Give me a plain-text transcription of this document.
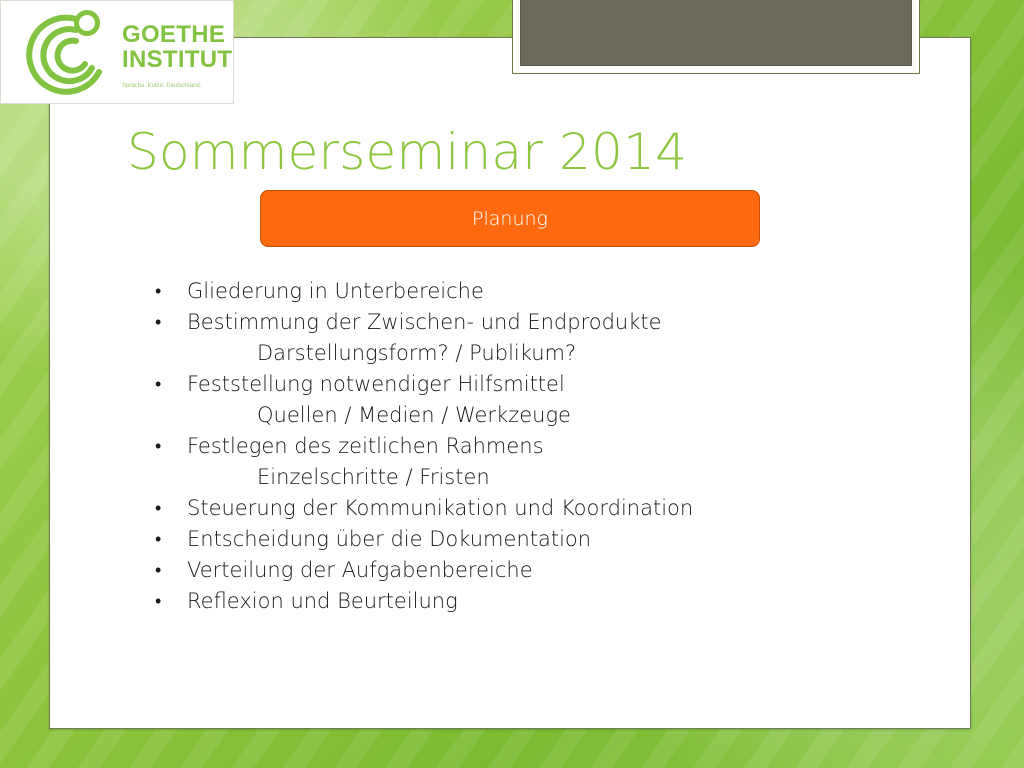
GOETHE
INSTITUT
Sprache. Kultur. Deutschland.
Sommerseminar 2014
Planung
•	Gliederung in Unterbereiche
•	Bestimmung der Zwischen- und Endprodukte
Darstellungsform? / Publikum?
•	Feststellung notwendiger Hilfsmittel
Quellen / Medien / Werkzeuge
•	Festlegen des zeitlichen Rahmens
Einzelschritte / Fristen
•	Steuerung der Kommunikation und Koordination
•	Entscheidung über die Dokumentation
•	Verteilung der Aufgabenbereiche
•	Reflexion und Beurteilung
